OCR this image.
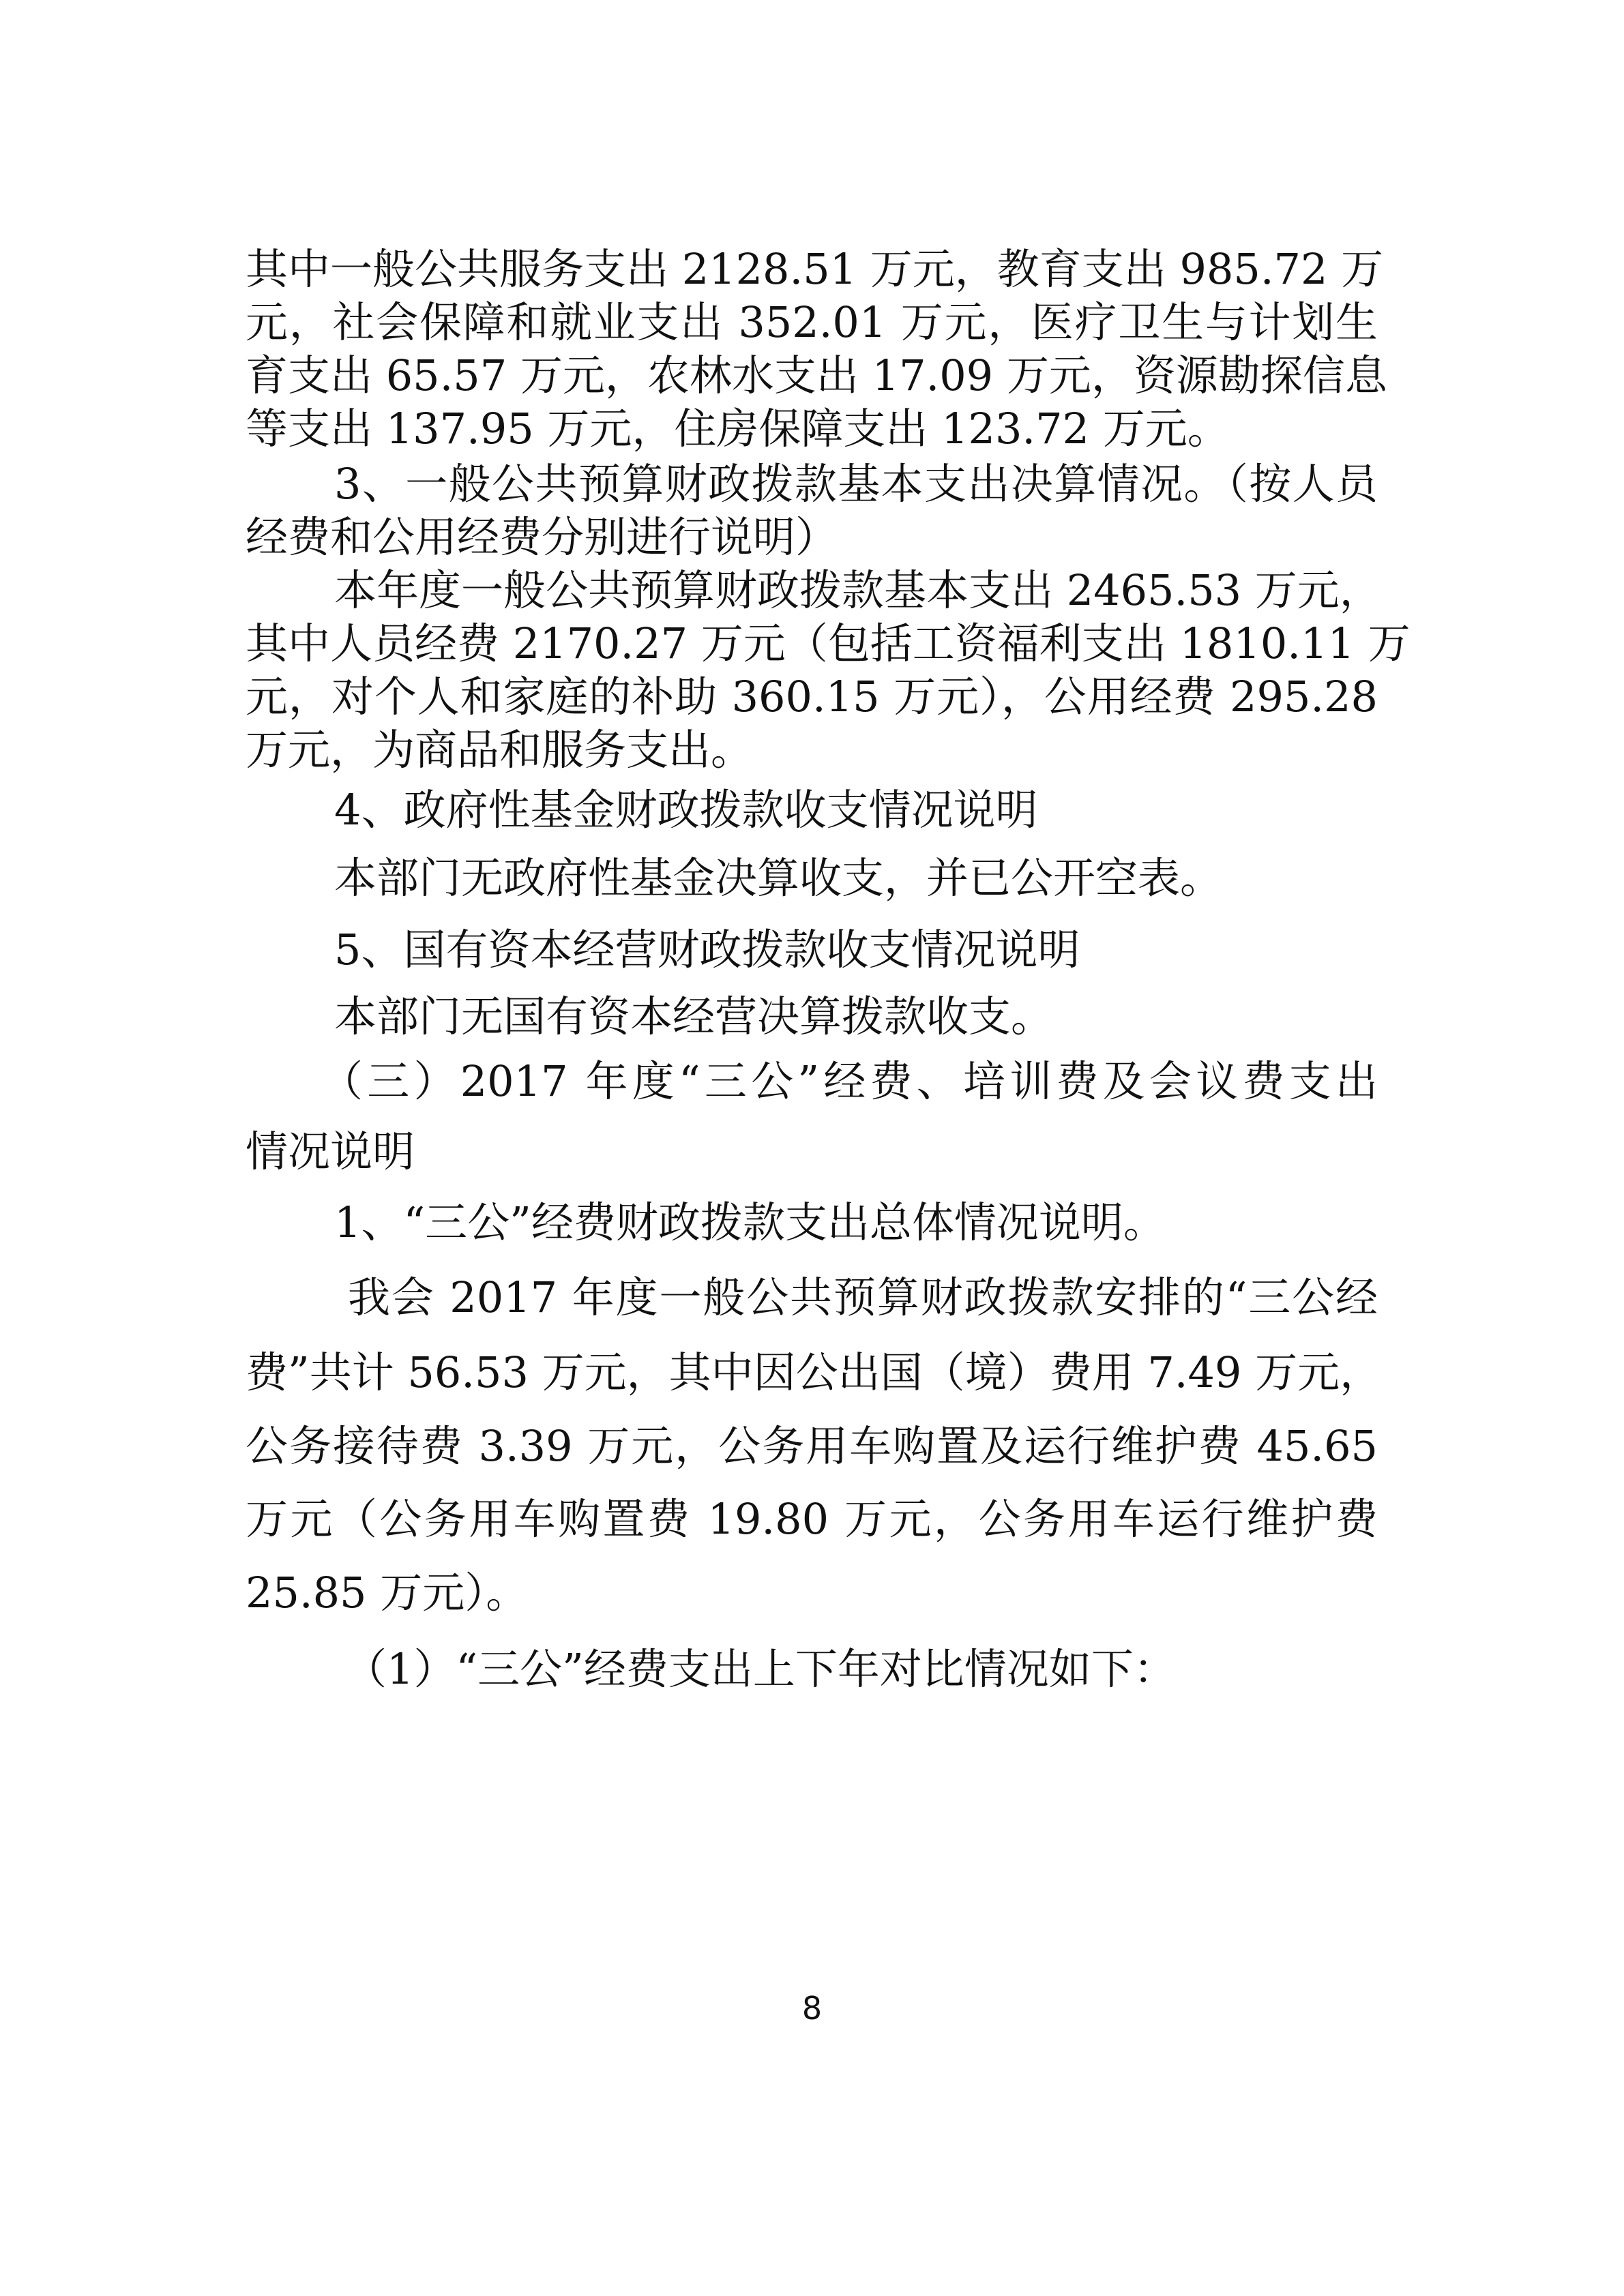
其中一般公共服务支出 2128.51 万元，教育支出 985.72 万

元，社会保障和就业支出 352.01 万元，医疗卫生与计划生

育支出 65.57 万元，农林水支出 17.09 万元，资源勘探信息

等支出 137.95 万元，住房保障支出 123.72 万元。

3、一般公共预算财政拨款基本支出决算情况。（按人员

经费和公用经费分别进行说明）

本年度一般公共预算财政拨款基本支出 2465.53 万元，

其中人员经费 2170.27 万元（包括工资福利支出 1810.11 万

元，对个人和家庭的补助 360.15 万元），公用经费 295.28

万元，为商品和服务支出。

4、政府性基金财政拨款收支情况说明

本部门无政府性基金决算收支，并已公开空表。

5、国有资本经营财政拨款收支情况说明

本部门无国有资本经营决算拨款收支。

（三）2017 年度“三公”经费、培训费及会议费支出

情况说明

1、“三公”经费财政拨款支出总体情况说明。

我会 2017 年度一般公共预算财政拨款安排的“三公经

费”共计 56.53 万元，其中因公出国（境）费用 7.49 万元，

公务接待费 3.39 万元，公务用车购置及运行维护费 45.65

万元（公务用车购置费 19.80 万元，公务用车运行维护费

25.85 万元）。

（1）“三公”经费支出上下年对比情况如下：

8
